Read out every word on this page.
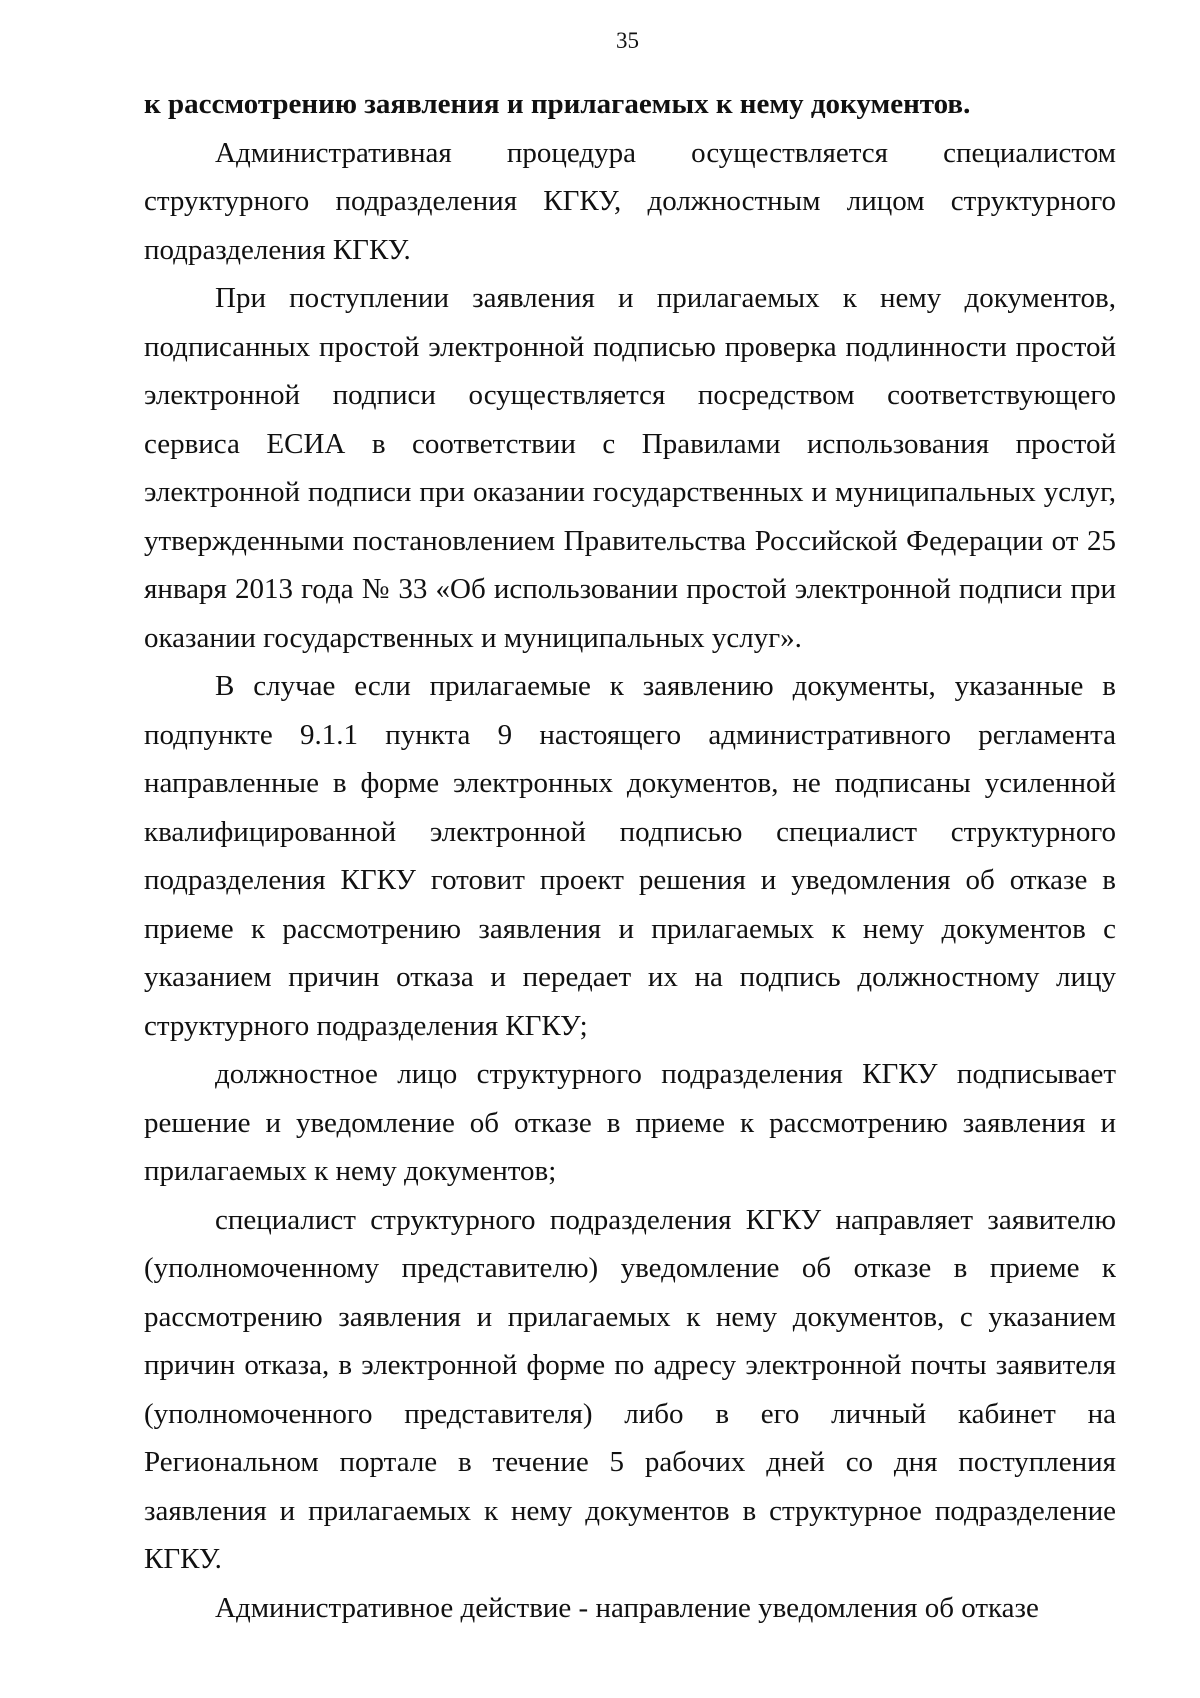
35

к рассмотрению заявления и прилагаемых к нему документов.

Административная процедура осуществляется специалистом структурного подразделения КГКУ, должностным лицом структурного подразделения КГКУ.

При поступлении заявления и прилагаемых к нему документов, подписанных простой электронной подписью проверка подлинности простой электронной подписи осуществляется посредством соответствующего сервиса ЕСИА в соответствии с Правилами использования простой электронной подписи при оказании государственных и муниципальных услуг, утвержденными постановлением Правительства Российской Федерации от 25 января 2013 года № 33 «Об использовании простой электронной подписи при оказании государственных и муниципальных услуг».

В случае если прилагаемые к заявлению документы, указанные в подпункте 9.1.1 пункта 9 настоящего административного регламента направленные в форме электронных документов, не подписаны усиленной квалифицированной электронной подписью специалист структурного подразделения КГКУ готовит проект решения и уведомления об отказе в приеме к рассмотрению заявления и прилагаемых к нему документов с указанием причин отказа и передает их на подпись должностному лицу структурного подразделения КГКУ;

должностное лицо структурного подразделения КГКУ подписывает решение и уведомление об отказе в приеме к рассмотрению заявления и прилагаемых к нему документов;

специалист структурного подразделения КГКУ направляет заявителю (уполномоченному представителю) уведомление об отказе в приеме к рассмотрению заявления и прилагаемых к нему документов, с указанием причин отказа, в электронной форме по адресу электронной почты заявителя (уполномоченного представителя) либо в его личный кабинет на Региональном портале в течение 5 рабочих дней со дня поступления заявления и прилагаемых к нему документов в структурное подразделение КГКУ.

Административное действие - направление уведомления об отказе
